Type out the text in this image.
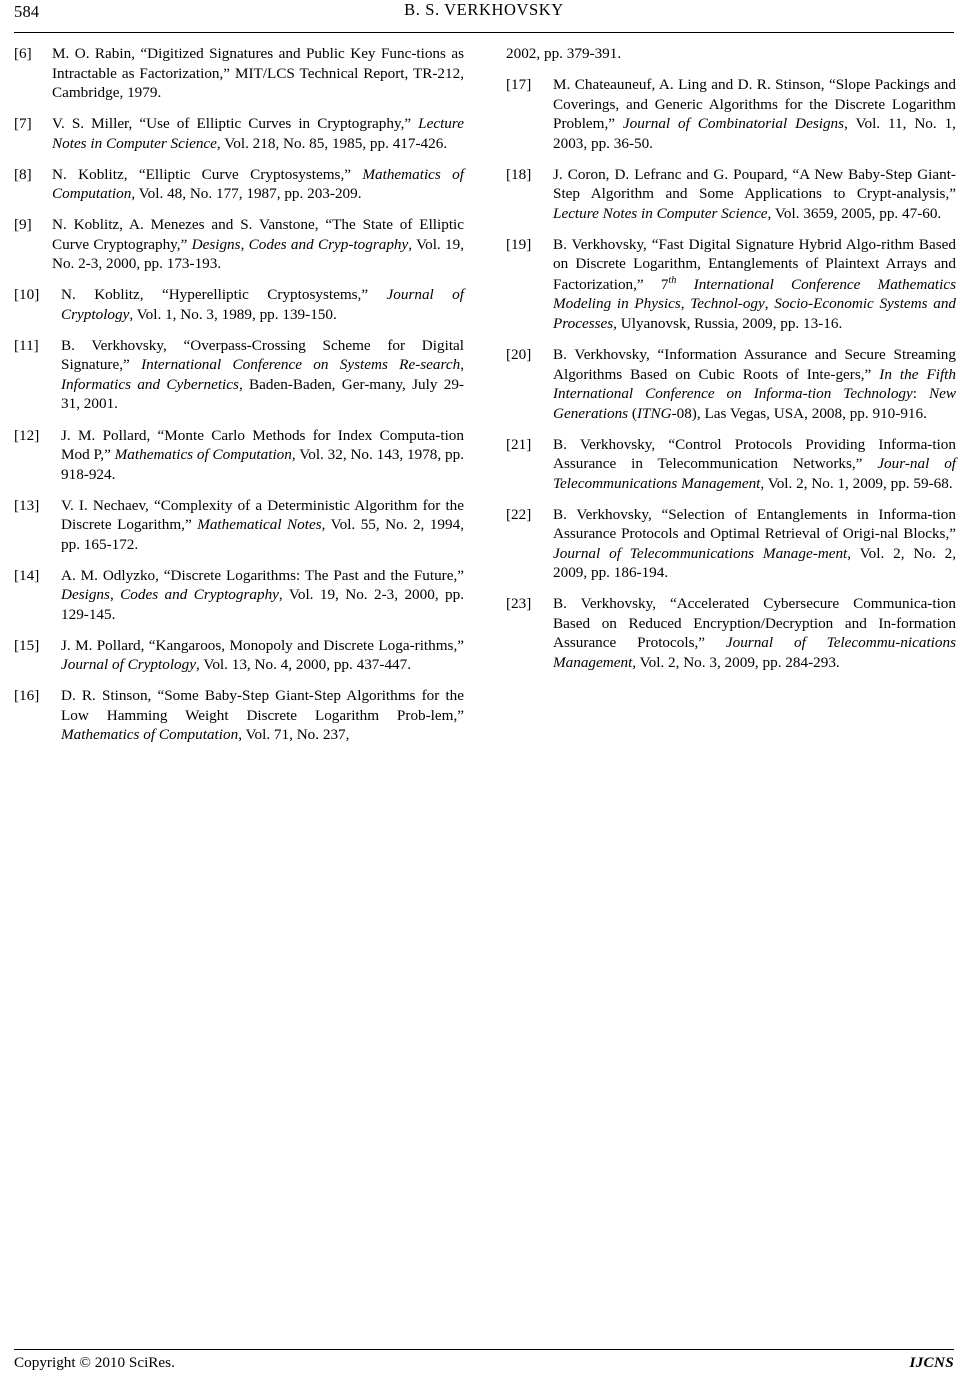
584	B. S. VERKHOVSKY
[6]	M. O. Rabin, “Digitized Signatures and Public Key Func-tions as Intractable as Factorization,” MIT/LCS Technical Report, TR-212, Cambridge, 1979.
[7]	V. S. Miller, “Use of Elliptic Curves in Cryptography,” Lecture Notes in Computer Science, Vol. 218, No. 85, 1985, pp. 417-426.
[8]	N. Koblitz, “Elliptic Curve Cryptosystems,” Mathematics of Computation, Vol. 48, No. 177, 1987, pp. 203-209.
[9]	N. Koblitz, A. Menezes and S. Vanstone, “The State of Elliptic Curve Cryptography,” Designs, Codes and Cryp-tography, Vol. 19, No. 2-3, 2000, pp. 173-193.
[10]	N. Koblitz, “Hyperelliptic Cryptosystems,” Journal of Cryptology, Vol. 1, No. 3, 1989, pp. 139-150.
[11]	B. Verkhovsky, “Overpass-Crossing Scheme for Digital Signature,” International Conference on Systems Re-search, Informatics and Cybernetics, Baden-Baden, Ger-many, July 29-31, 2001.
[12]	J. M. Pollard, “Monte Carlo Methods for Index Computa-tion Mod P,” Mathematics of Computation, Vol. 32, No. 143, 1978, pp. 918-924.
[13]	V. I. Nechaev, “Complexity of a Deterministic Algorithm for the Discrete Logarithm,” Mathematical Notes, Vol. 55, No. 2, 1994, pp. 165-172.
[14]	A. M. Odlyzko, “Discrete Logarithms: The Past and the Future,” Designs, Codes and Cryptography, Vol. 19, No. 2-3, 2000, pp. 129-145.
[15]	J. M. Pollard, “Kangaroos, Monopoly and Discrete Loga-rithms,” Journal of Cryptology, Vol. 13, No. 4, 2000, pp. 437-447.
[16]	D. R. Stinson, “Some Baby-Step Giant-Step Algorithms for the Low Hamming Weight Discrete Logarithm Prob-lem,” Mathematics of Computation, Vol. 71, No. 237,
2002, pp. 379-391.
[17]	M. Chateauneuf, A. Ling and D. R. Stinson, “Slope Packings and Coverings, and Generic Algorithms for the Discrete Logarithm Problem,” Journal of Combinatorial Designs, Vol. 11, No. 1, 2003, pp. 36-50.
[18]	J. Coron, D. Lefranc and G. Poupard, “A New Baby-Step Giant-Step Algorithm and Some Applications to Crypt-analysis,” Lecture Notes in Computer Science, Vol. 3659, 2005, pp. 47-60.
[19]	B. Verkhovsky, “Fast Digital Signature Hybrid Algo-rithm Based on Discrete Logarithm, Entanglements of Plaintext Arrays and Factorization,” 7th International Conference Mathematics Modeling in Physics, Technol-ogy, Socio-Economic Systems and Processes, Ulyanovsk, Russia, 2009, pp. 13-16.
[20]	B. Verkhovsky, “Information Assurance and Secure Streaming Algorithms Based on Cubic Roots of Inte-gers,” In the Fifth International Conference on Informa-tion Technology: New Generations (ITNG-08), Las Vegas, USA, 2008, pp. 910-916.
[21]	B. Verkhovsky, “Control Protocols Providing Informa-tion Assurance in Telecommunication Networks,” Jour-nal of Telecommunications Management, Vol. 2, No. 1, 2009, pp. 59-68.
[22]	B. Verkhovsky, “Selection of Entanglements in Informa-tion Assurance Protocols and Optimal Retrieval of Origi-nal Blocks,” Journal of Telecommunications Manage-ment, Vol. 2, No. 2, 2009, pp. 186-194.
[23]	B. Verkhovsky, “Accelerated Cybersecure Communica-tion Based on Reduced Encryption/Decryption and In-formation Assurance Protocols,” Journal of Telecommu-nications Management, Vol. 2, No. 3, 2009, pp. 284-293.
Copyright © 2010 SciRes.	IJCNS
